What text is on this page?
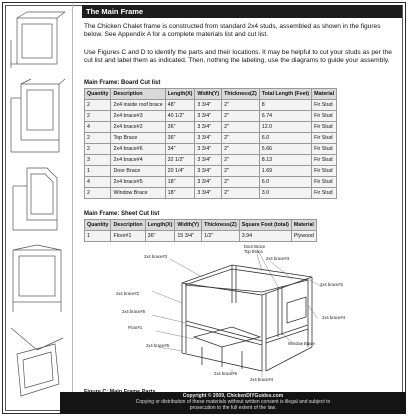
The Main Frame
The Chicken Chalet frame is constructed from standard 2x4 studs, assembled as shown in the figures below. See Appendix A for a complete materials list and cut list.
Use Figures C and D to identify the parts and their locations. It may be helpful to cut your studs as per the cut list and label them as indicated. Then, nothing the labeling, use the diagrams to guide your assembly.
Main Frame: Board Cut list
Quantity	Description	Length(X)	Width(Y)	Thickness(Z)	Total Length (Feet)	Material
2	2x4 inside roof brace	48"	3 3/4"	2"	8	Fir Stud
2	2x4 brace#3	40 1/2"	3 3/4"	2"	6.74	Fir Stud
4	2x4 brace#2	36"	3 3/4"	2"	12.0	Fir Stud
2	Top Brace	36"	3 3/4"	2"	6.0	Fir Stud
2	2x4 brace#6	34"	3 3/4"	2"	5.66	Fir Stud
3	2x4 brace#4	32 1/2"	3 3/4"	2"	8.13	Fir Stud
1	Door Brace	20 1/4"	3 3/4"	2"	1.69	Fir Stud
4	2x4 brace#5	18"	3 3/4"	2"	6.0	Fir Stud
2	Window Brace	18"	3 3/4"	2"	3.0	Fir Stud
Main Frame: Sheet Cut list
Quantity	Description	Length(X)	Width(Y)	Thickness(Z)	Square Foot (total)	Material
1	Floor#1	36"	15 3/4"	1/2"	3.94	Plywood
Door Brace
Top Brace
2x4 brace#3
2x4 brace#3
2x4 brace#2
2x4 brace#2
2x4 brace#4
2x4 brace#5
Floor#1
2x4 brace#5	Window Brace
2x4 brace#4
2x4 brace#6
Copyright © 2009, ChickenDIYGuides.com
Copying or distribution of these materials without written consent is illegal and subject to
prosecution to the full extent of the law.
